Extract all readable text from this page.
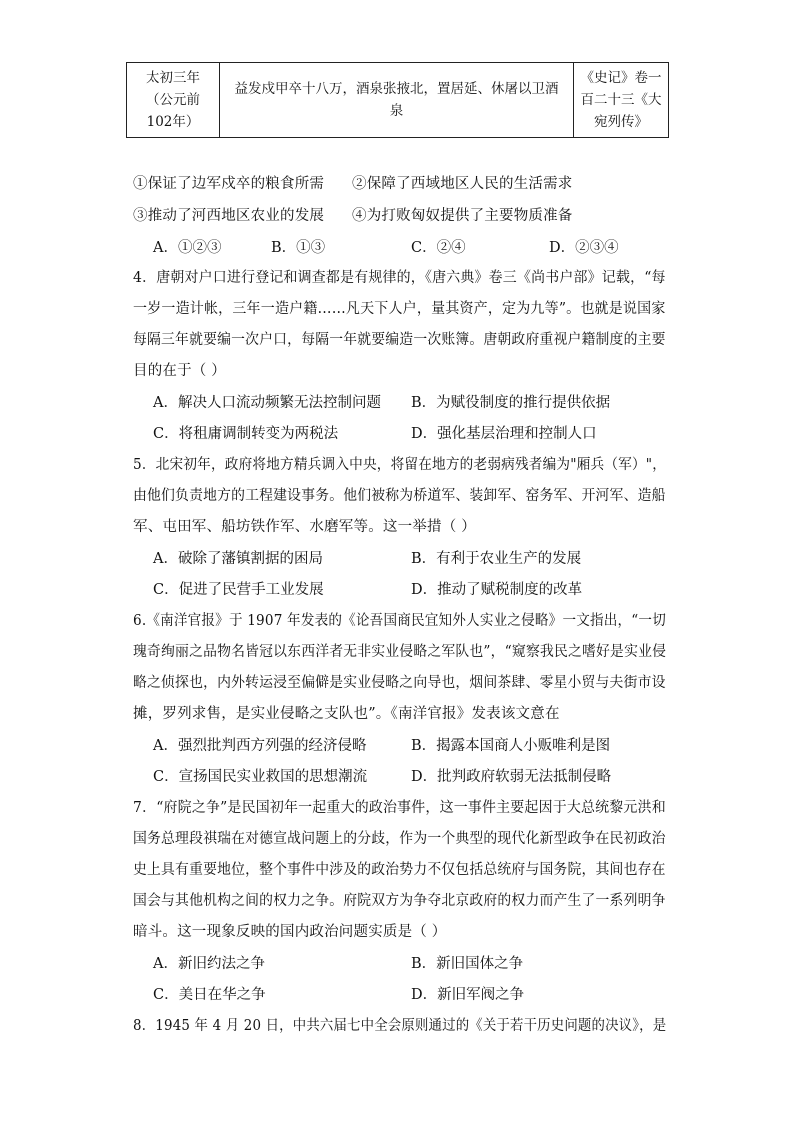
太初三年
（公元前
102年）

益发戍甲卒十八万，酒泉张掖北，置居延、休屠以卫酒
泉

《史记》卷一
百二十三《大
宛列传》
①保证了边军戍卒的粮食所需 ②保障了西域地区人民的生活需求
③推动了河西地区农业的发展 ④为打败匈奴提供了主要物质准备
A．①②③	B．①③	C．②④	D．②③④
4．唐朝对户口进行登记和调查都是有规律的，《唐六典》卷三《尚书户部》记载，“每
一岁一造计帐，三年一造户籍……凡天下人户，量其资产，定为九等”。也就是说国家
每隔三年就要编一次户口，每隔一年就要编造一次账簿。唐朝政府重视户籍制度的主要
目的在于（ ）
A．解决人口流动频繁无法控制问题 B．为赋役制度的推行提供依据
C．将租庸调制转变为两税法	D．强化基层治理和控制人口
5．北宋初年，政府将地方精兵调入中央，将留在地方的老弱病残者编为"厢兵（军）"，
由他们负责地方的工程建设事务。他们被称为桥道军、装卸军、窑务军、开河军、造船
军、屯田军、船坊铁作军、水磨军等。这一举措（ ）
A．破除了藩镇割据的困局	B．有利于农业生产的发展
C．促进了民营手工业发展	D．推动了赋税制度的改革
6.《南洋官报》于 1907 年发表的《论吾国商民宜知外人实业之侵略》一文指出，“一切
瑰奇绚丽之品物名皆冠以东西洋者无非实业侵略之军队也”，“窥察我民之嗜好是实业侵
略之侦探也，内外转运浸至偏僻是实业侵略之向导也，烟间茶肆、零星小贸与夫街市设
摊，罗列求售，是实业侵略之支队也”。《南洋官报》发表该文意在
A．强烈批判西方列强的经济侵略	B．揭露本国商人小贩唯利是图
C．宣扬国民实业救国的思想潮流	D．批判政府软弱无法抵制侵略
7．“府院之争”是民国初年一起重大的政治事件，这一事件主要起因于大总统黎元洪和
国务总理段祺瑞在对德宣战问题上的分歧，作为一个典型的现代化新型政争在民初政治
史上具有重要地位，整个事件中涉及的政治势力不仅包括总统府与国务院，其间也存在
国会与其他机构之间的权力之争。府院双方为争夺北京政府的权力而产生了一系列明争
暗斗。这一现象反映的国内政治问题实质是（ ）
A．新旧约法之争	B．新旧国体之争
C．美日在华之争	D．新旧军阀之争
8．1945 年 4 月 20 日，中共六届七中全会原则通过的《关于若干历史问题的决议》，是
